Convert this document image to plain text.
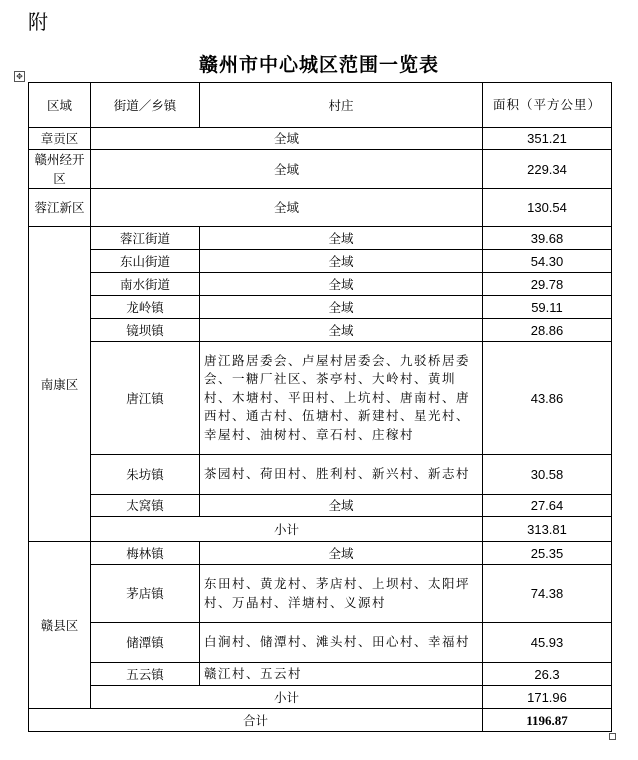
附
赣州市中心城区范围一览表
✥
区域	街道／乡镇	村庄	面积（平方公里）
章贡区	全域		351.21
赣州经开区	全域		229.34
蓉江新区	全域		130.54
南康区	蓉江街道	全域	39.68
	东山街道	全域	54.30
	南水街道	全域	29.78
	龙岭镇	全域	59.11
	镜坝镇	全域	28.86
	唐江镇	唐江路居委会、卢屋村居委会、九驳桥居委会、一糖厂社区、茶亭村、大岭村、黄圳村、木塘村、平田村、上坑村、唐南村、唐西村、通古村、伍塘村、新建村、星光村、幸屋村、油树村、章石村、庄稼村	43.86
	朱坊镇	茶园村、荷田村、胜利村、新兴村、新志村	30.58
	太窝镇	全域	27.64
	小计		313.81
赣县区	梅林镇	全域	25.35
	茅店镇	东田村、黄龙村、茅店村、上坝村、太阳坪村、万晶村、洋塘村、义源村	74.38
	储潭镇	白涧村、储潭村、滩头村、田心村、幸福村	45.93
	五云镇	赣江村、五云村	26.3
	小计		171.96
合计			1196.87
